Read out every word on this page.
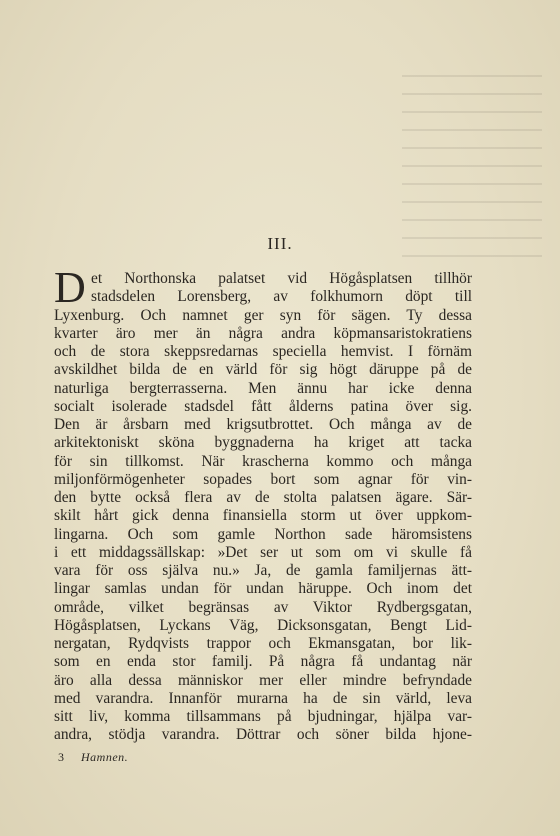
III.
D et Northonska palatset vid Högåsplatsen tillhör
stadsdelen Lorensberg, av folkhumorn döpt till
Lyxenburg. Och namnet ger syn för sägen. Ty dessa
kvarter äro mer än några andra köpmansaristokratiens
och de stora skeppsredarnas speciella hemvist. I förnäm
avskildhet bilda de en värld för sig högt däruppe på de
naturliga bergterrasserna. Men ännu har icke denna
socialt isolerade stadsdel fått ålderns patina över sig.
Den är årsbarn med krigsutbrottet. Och många av de
arkitektoniskt sköna byggnaderna ha kriget att tacka
för sin tillkomst. När krascherna kommo och många
miljonförmögenheter sopades bort som agnar för vin-
den bytte också flera av de stolta palatsen ägare. Sär-
skilt hårt gick denna finansiella storm ut över uppkom-
lingarna. Och som gamle Northon sade häromsistens
i ett middagssällskap: »Det ser ut som om vi skulle få
vara för oss själva nu.» Ja, de gamla familjernas ätt-
lingar samlas undan för undan häruppe. Och inom det
område, vilket begränsas av Viktor Rydbergsgatan,
Högåsplatsen, Lyckans Väg, Dicksonsgatan, Bengt Lid-
nergatan, Rydqvists trappor och Ekmansgatan, bor lik-
som en enda stor familj. På några få undantag när
äro alla dessa människor mer eller mindre befryndade
med varandra. Innanför murarna ha de sin värld, leva
sitt liv, komma tillsammans på bjudningar, hjälpa var-
andra, stödja varandra. Döttrar och söner bilda hjone-
3 Hamnen.
